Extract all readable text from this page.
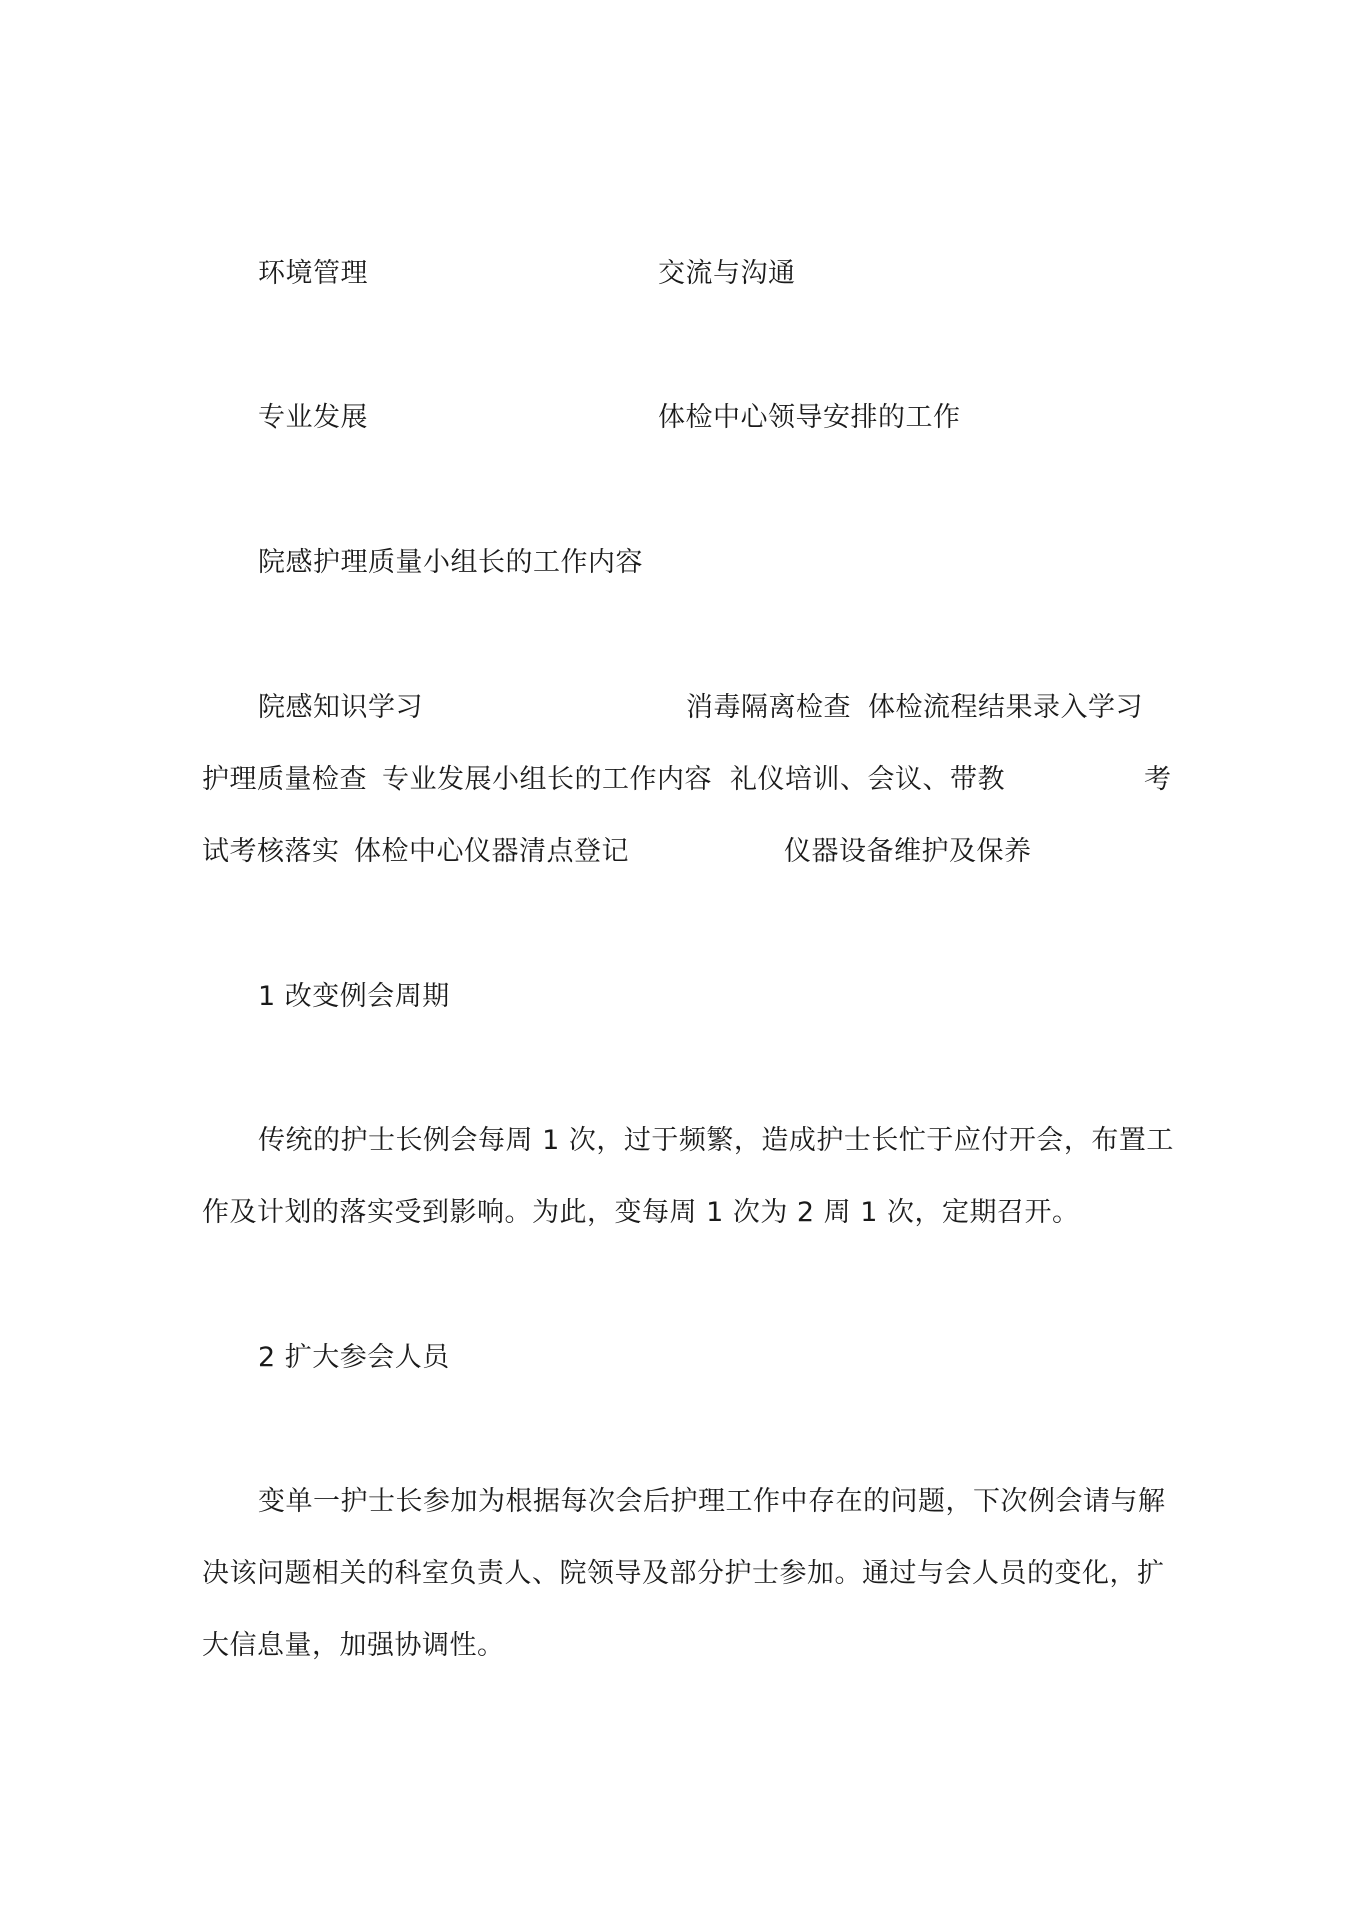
环境管理	交流与沟通
专业发展	体检中心领导安排的工作
院感护理质量小组长的工作内容
院感知识学习	消毒隔离检查 体检流程结果录入学习
护理质量检查 专业发展小组长的工作内容 礼仪培训、会议、带教	考
试考核落实 体检中心仪器清点登记	仪器设备维护及保养
1 改变例会周期
传统的护士长例会每周 1 次，过于频繁，造成护士长忙于应付开会，布置工
作及计划的落实受到影响。为此，变每周 1 次为 2 周 1 次，定期召开。
2 扩大参会人员
变单一护士长参加为根据每次会后护理工作中存在的问题，下次例会请与解
决该问题相关的科室负责人、院领导及部分护士参加。通过与会人员的变化，扩
大信息量，加强协调性。
